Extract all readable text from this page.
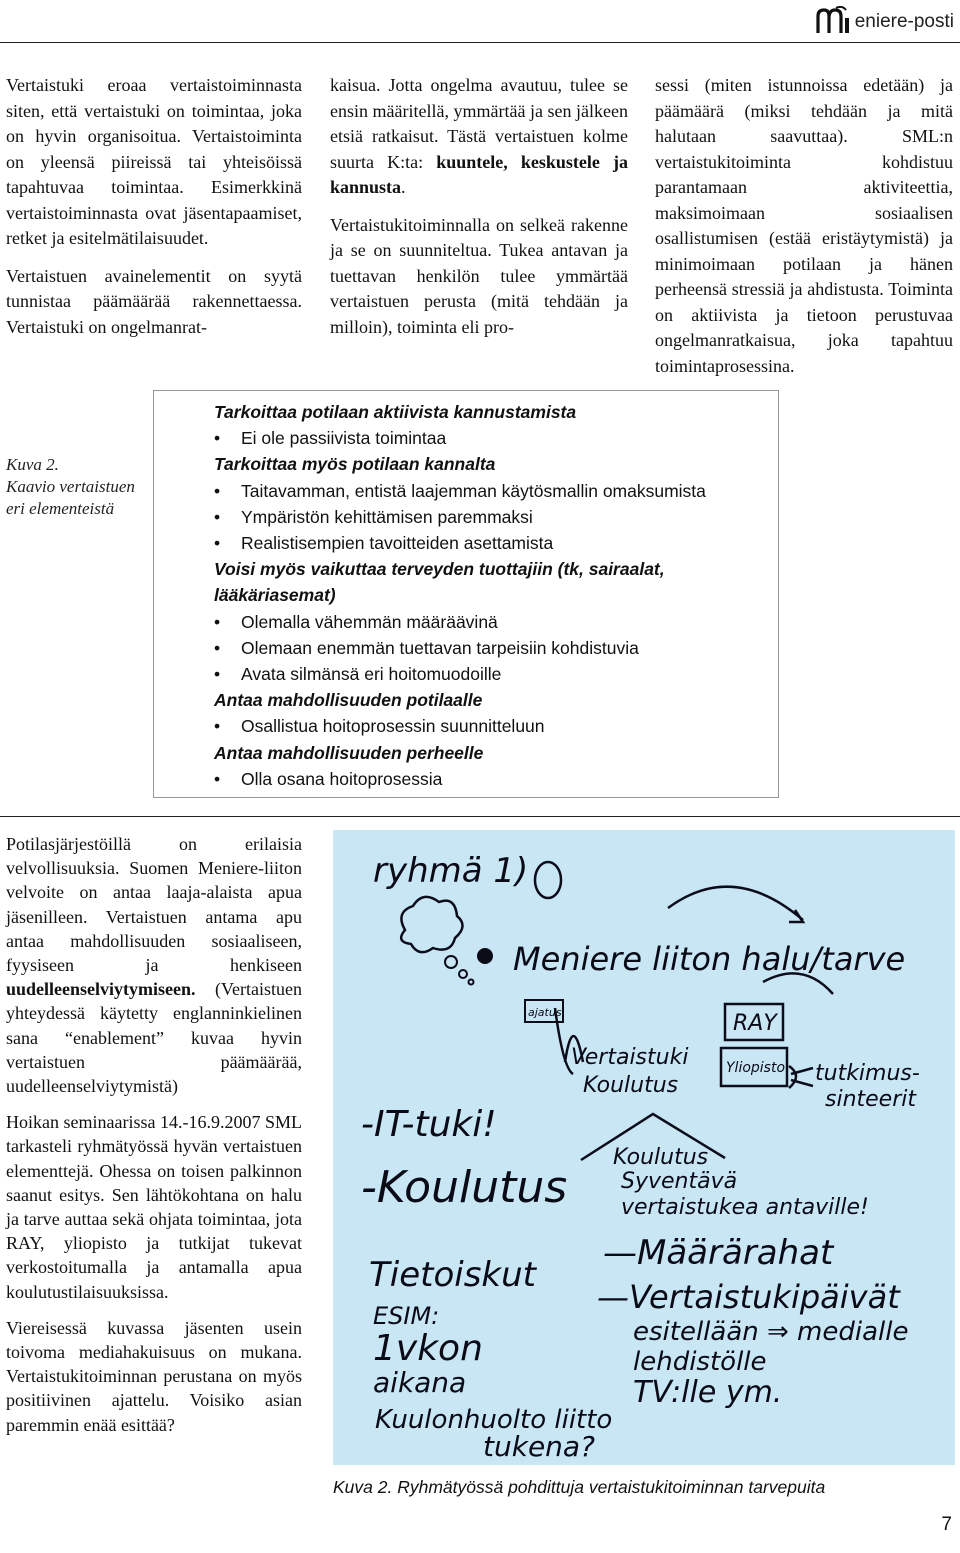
eniere-posti

Vertaistuki eroaa vertaistoiminnasta siten, että vertaistuki on toimintaa, joka on hyvin organisoitua. Vertaistoiminta on yleensä piireissä tai yhteisöissä tapahtuvaa toimintaa. Esimerkkinä vertaistoiminnasta ovat jäsentapaamiset, retket ja esitelmätilaisuudet.

Vertaistuen avainelementit on syytä tunnistaa päämäärää rakennettaessa. Vertaistuki on ongelmanrat-

kaisua. Jotta ongelma avautuu, tulee se ensin määritellä, ymmärtää ja sen jälkeen etsiä ratkaisut. Tästä vertaistuen kolme suurta K:ta: kuuntele, keskustele ja kannusta.

Vertaistukitoiminnalla on selkeä rakenne ja se on suunniteltua. Tukea antavan ja tuettavan henkilön tulee ymmärtää vertaistuen perusta (mitä tehdään ja milloin), toiminta eli pro-

sessi (miten istunnoissa edetään) ja päämäärä (miksi tehdään ja mitä halutaan saavuttaa). SML:n vertaistukitoiminta kohdistuu parantamaan aktiviteettia, maksimoimaan sosiaalisen osallistumisen (estää eristäytymistä) ja minimoimaan potilaan ja hänen perheensä stressiä ja ahdistusta. Toiminta on aktiivista ja tietoon perustuvaa ongelmanratkaisua, joka tapahtuu toimintaprosessina.

Kuva 2.
Kaavio vertaistuen eri elementeistä
Tarkoittaa potilaan aktiivista kannustamista
• Ei ole passiivista toimintaa
Tarkoittaa myös potilaan kannalta
• Taitavamman, entistä laajemman käytösmallin omaksumista
• Ympäristön kehittämisen paremmaksi
• Realistisempien tavoitteiden asettamista
Voisi myös vaikuttaa terveyden tuottajiin (tk, sairaalat, lääkäriasemat)
• Olemalla vähemmän määräävinä
• Olemaan enemmän tuettavan tarpeisiin kohdistuvia
• Avata silmänsä eri hoitomuodoille
Antaa mahdollisuuden potilaalle
• Osallistua hoitoprosessin suunnitteluun
Antaa mahdollisuuden perheelle
• Olla osana hoitoprosessia

Potilasjärjestöillä on erilaisia velvollisuuksia. Suomen Meniere-liiton velvoite on antaa laaja-alaista apua jäsenilleen. Vertaistuen antama apu antaa mahdollisuuden sosiaaliseen, fyysiseen ja henkiseen uudelleenselviytymiseen. (Vertaistuen yhteydessä käytetty englanninkielinen sana “enablement” kuvaa hyvin vertaistuen päämäärää, uudelleenselviytymistä)

Hoikan seminaarissa 14.-16.9.2007 SML tarkasteli ryhmätyössä hyvän vertaistuen elementtejä. Ohessa on toisen palkinnon saanut esitys. Sen lähtökohtana on halu ja tarve auttaa sekä ohjata toimintaa, jota RAY, yliopisto ja tutkijat tukevat verkostoitumalla ja antamalla apua koulutustilaisuuksissa.

Viereisessä kuvassa jäsenten usein toivoma mediahakuisuus on mukana. Vertaistukitoiminnan perustana on myös positiivinen ajattelu. Voisiko asian paremmin enää esittää?

ryhmä 1)
Meniere liiton halu/tarve
ajatus	RAY
Vertaistuki
Koulutus
Yliopisto tutkimus-
sinteerit
-IT-tuki!
-Koulutus
Koulutus
Syventävä
vertaistukea antaville!
—Määrärahat
—Vertaistukipäivät
esitellään ⇒ medialle
lehdistölle
TV:lle ym.
Tietoiskut
ESIM:
1vkon
aikana
Kuulonhuolto liitto
tukena?
Kuva 2. Ryhmätyössä pohdittuja vertaistukitoiminnan tarvepuita
7
